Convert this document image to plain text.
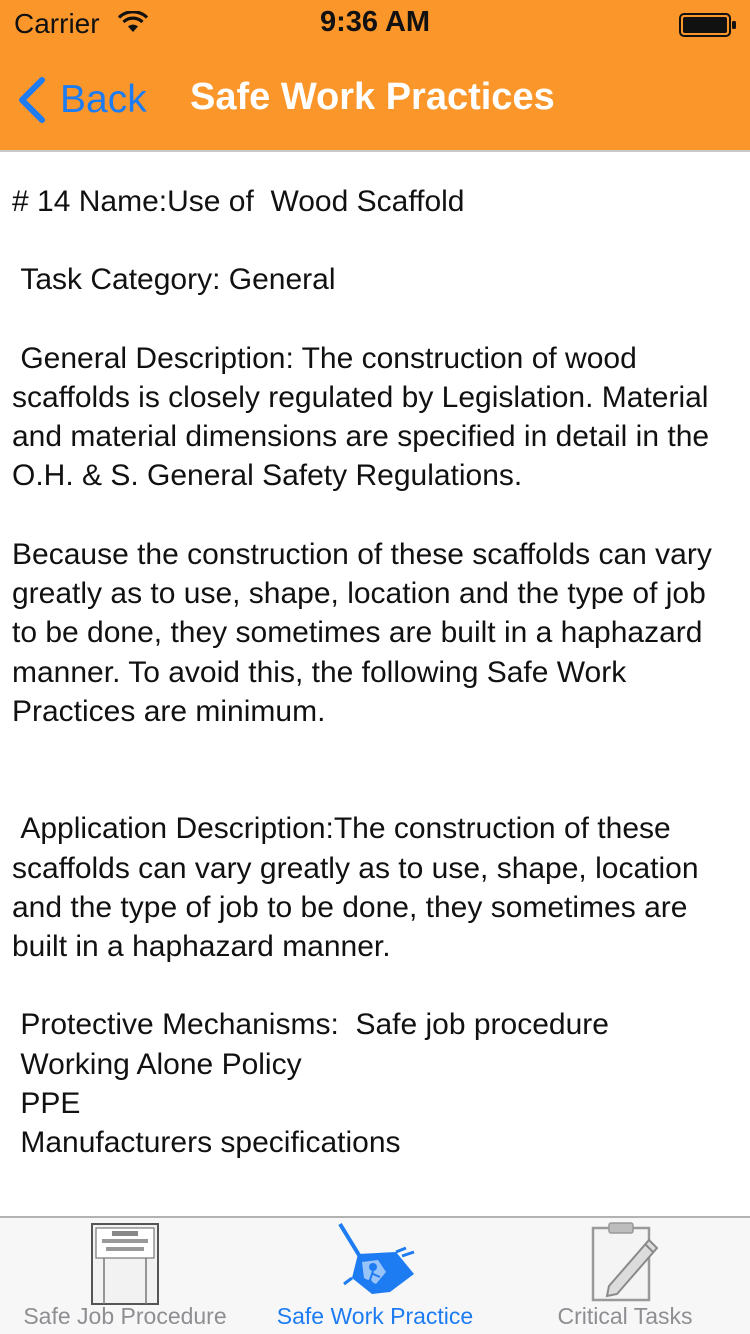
Carrier	9:36 AM
Back Safe Work Practices

# 14 Name:Use of  Wood Scaffold

Task Category: General

General Description: The construction of wood scaffolds is closely regulated by Legislation. Material and material dimensions are specified in detail in the O.H. & S. General Safety Regulations.

Because the construction of these scaffolds can vary greatly as to use, shape, location and the type of job to be done, they sometimes are built in a haphazard manner. To avoid this, the following Safe Work Practices are minimum.

Application Description:The construction of these scaffolds can vary greatly as to use, shape, location and the type of job to be done, they sometimes are built in a haphazard manner.

Protective Mechanisms:  Safe job procedure
Working Alone Policy
PPE
Manufacturers specifications

Safe Job Procedure	Safe Work Practice	Critical Tasks
